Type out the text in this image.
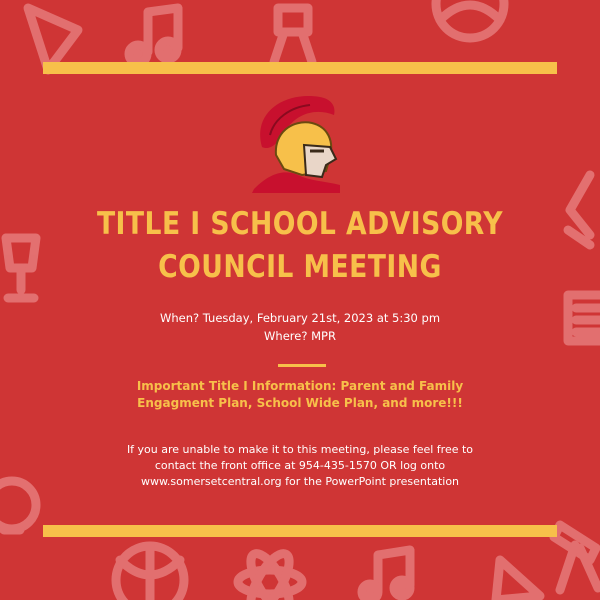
TITLE I SCHOOL ADVISORY
COUNCIL MEETING
When? Tuesday, February 21st, 2023 at 5:30 pm
Where? MPR
Important Title I Information: Parent and Family Engagment Plan, School Wide Plan, and more!!!
If you are unable to make it to this meeting, please feel free to contact the front office at 954-435-1570 OR log onto www.somersetcentral.org for the PowerPoint presentation
